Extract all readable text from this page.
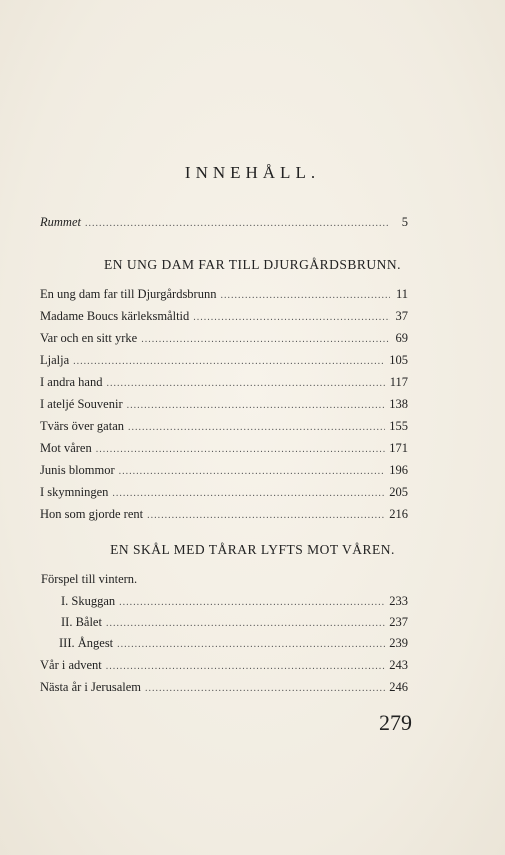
INNEHÅLL.
Rummet .....	5
EN UNG DAM FAR TILL DJURGÅRDSBRUNN.
En ung dam far till Djurgårdsbrunn .....	11
Madame Boucs kärleksmåltid .....	37
Var och en sitt yrke .....	69
Ljalja .....	105
I andra hand .....	117
I ateljé Souvenir .....	138
Tvärs över gatan .....	155
Mot våren .....	171
Junis blommor .....	196
I skymningen .....	205
Hon som gjorde rent .....	216
EN SKÅL MED TÅRAR LYFTS MOT VÅREN.
Förspel till vintern.
I. Skuggan .....	233
II. Bålet .....	237
III. Ångest .....	239
Vår i advent .....	243
Nästa år i Jerusalem .....	246
279
